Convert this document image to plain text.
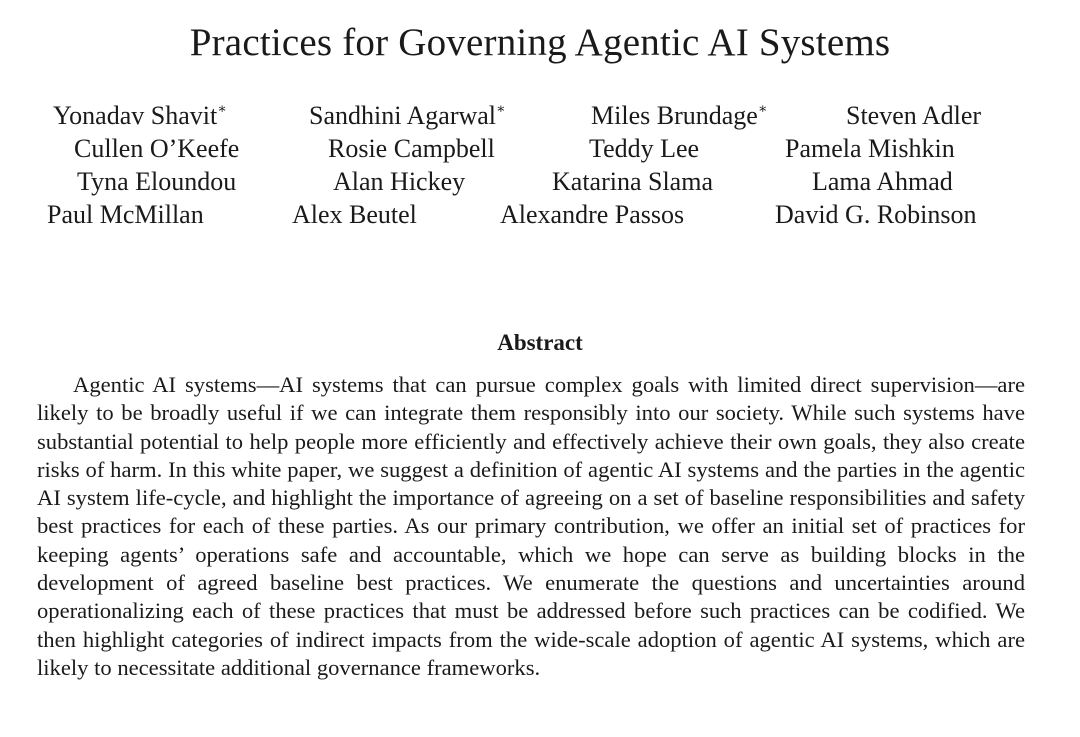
Practices for Governing Agentic AI Systems
Yonadav Shavit∗	Sandhini Agarwal∗	Miles Brundage∗	Steven Adler
Cullen O’Keefe	Rosie Campbell	Teddy Lee	Pamela Mishkin
Tyna Eloundou	Alan Hickey	Katarina Slama	Lama Ahmad
Paul McMillan	Alex Beutel	Alexandre Passos	David G. Robinson
Abstract

Agentic AI systems—AI systems that can pursue complex goals with limited direct supervision—are likely to be broadly useful if we can integrate them responsibly into our society. While such systems have substantial potential to help people more efficiently and effectively achieve their own goals, they also create risks of harm. In this white paper, we suggest a definition of agentic AI systems and the parties in the agentic AI system life-cycle, and highlight the importance of agreeing on a set of baseline responsibilities and safety best practices for each of these parties. As our primary contribution, we offer an initial set of practices for keeping agents’ operations safe and accountable, which we hope can serve as building blocks in the development of agreed baseline best practices. We enumerate the questions and uncertainties around operationalizing each of these practices that must be addressed before such practices can be codified. We then highlight categories of indirect impacts from the wide-scale adoption of agentic AI systems, which are likely to necessitate additional governance frameworks.
